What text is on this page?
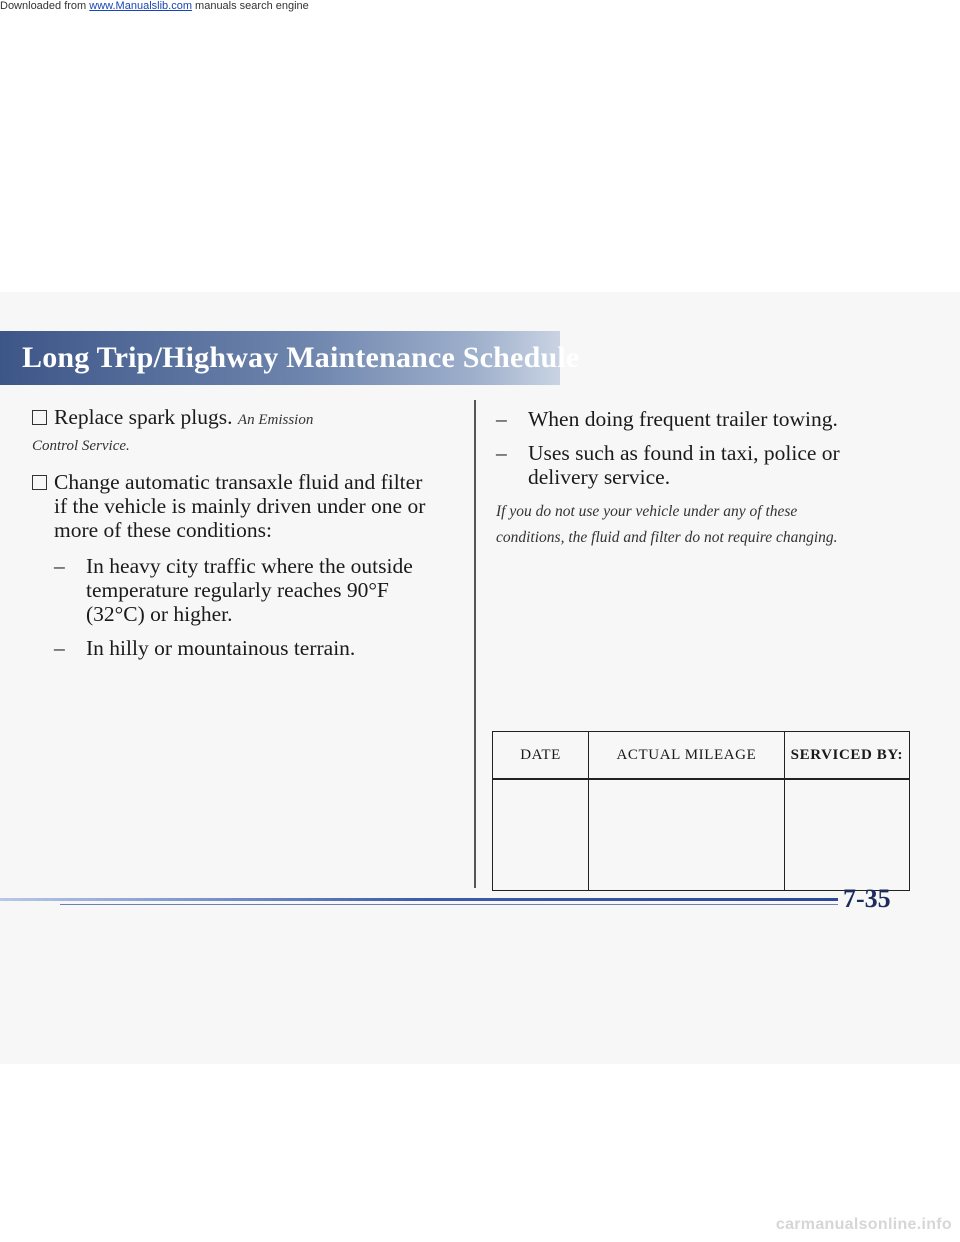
Downloaded from www.Manualslib.com manuals search engine
Long Trip/Highway Maintenance Schedule
Replace spark plugs. An Emission
Control Service.
Change automatic transaxle fluid and filter
if the vehicle is mainly driven under one or
more of these conditions:
– In heavy city traffic where the outside
temperature regularly reaches 90°F
(32°C) or higher.
– In hilly or mountainous terrain.
– When doing frequent trailer towing.
– Uses such as found in taxi, police or
delivery service.
If you do not use your vehicle under any of these
conditions, the fluid and filter do not require changing.
DATE	ACTUAL MILEAGE	SERVICED BY:

7-35
carmanualsonline.info
